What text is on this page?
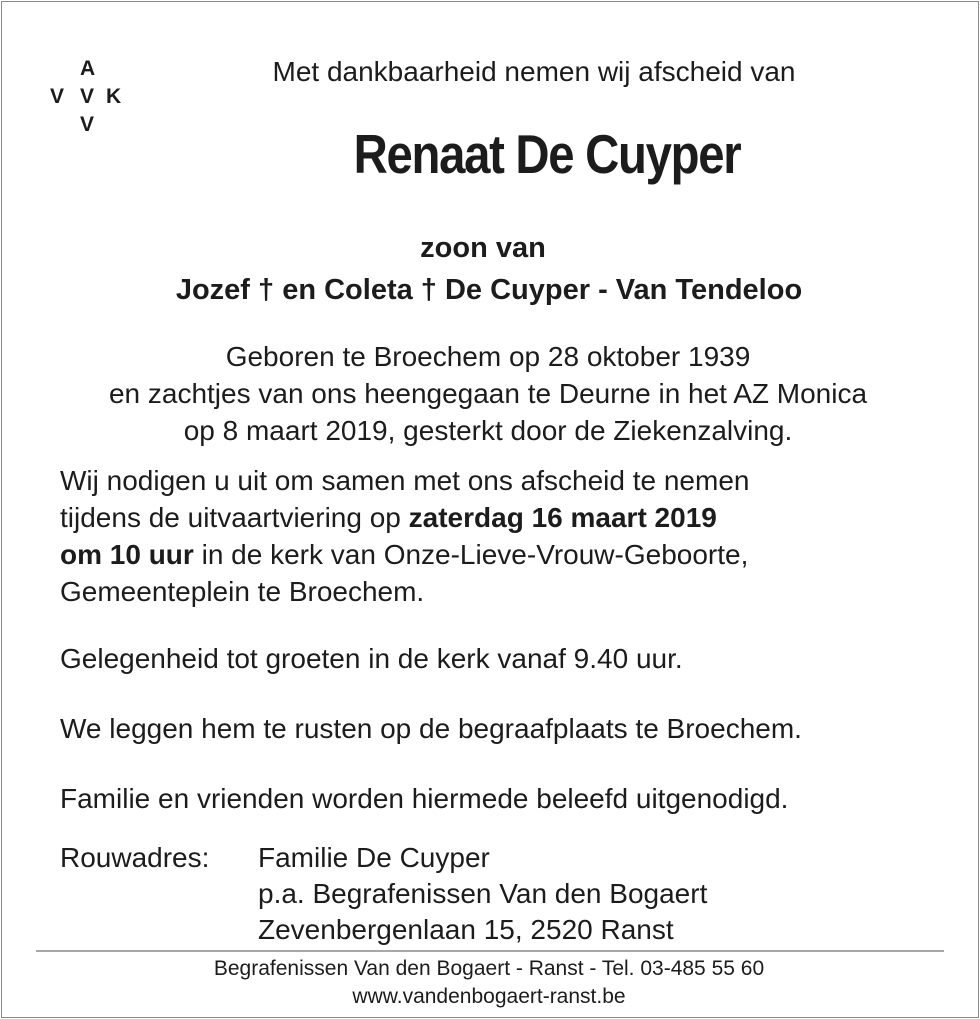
A
V V K
V
Met dankbaarheid nemen wij afscheid van
Renaat De Cuyper
zoon van
Jozef † en Coleta † De Cuyper - Van Tendeloo
Geboren te Broechem op 28 oktober 1939
en zachtjes van ons heengegaan te Deurne in het AZ Monica
op 8 maart 2019, gesterkt door de Ziekenzalving.
Wij nodigen u uit om samen met ons afscheid te nemen
tijdens de uitvaartviering op zaterdag 16 maart 2019
om 10 uur in de kerk van Onze-Lieve-Vrouw-Geboorte,
Gemeenteplein te Broechem.
Gelegenheid tot groeten in de kerk vanaf 9.40 uur.
We leggen hem te rusten op de begraafplaats te Broechem.
Familie en vrienden worden hiermede beleefd uitgenodigd.
Rouwadres: Familie De Cuyper
p.a. Begrafenissen Van den Bogaert
Zevenbergenlaan 15, 2520 Ranst
Begrafenissen Van den Bogaert - Ranst - Tel. 03-485 55 60
www.vandenbogaert-ranst.be
